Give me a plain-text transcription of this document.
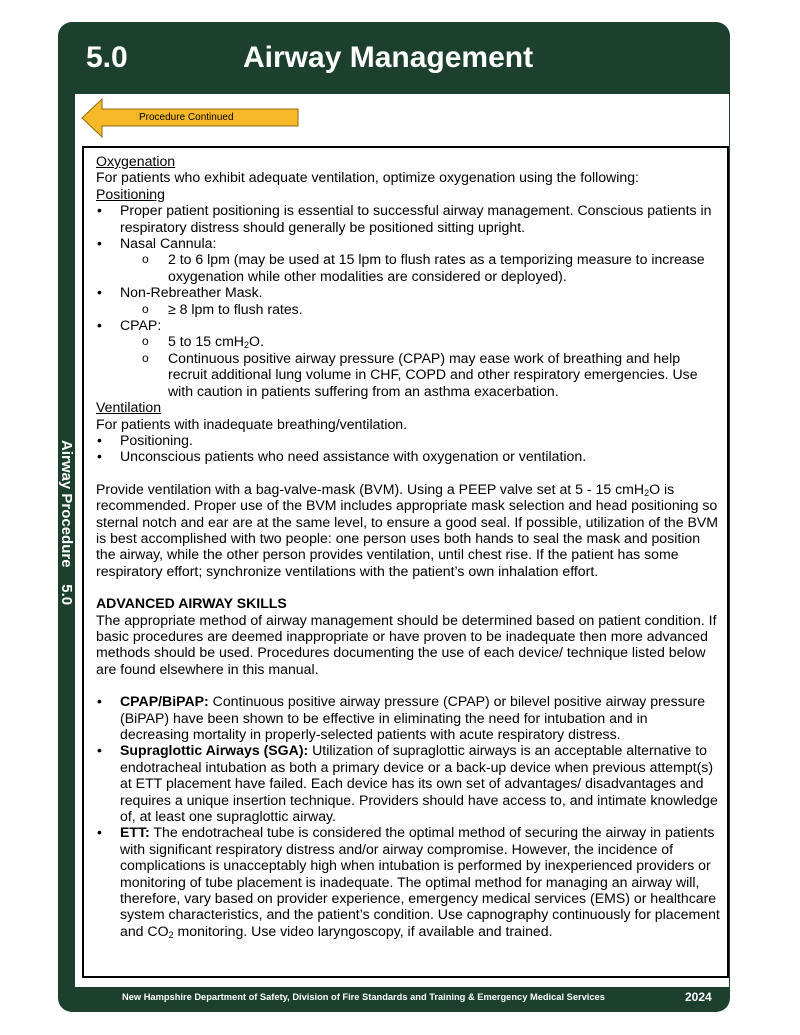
5.0	Airway Management
Airway Procedure    5.0
Procedure Continued

Oxygenation

For patients who exhibit adequate ventilation, optimize oxygenation using the following:

Positioning

• Proper patient positioning is essential to successful airway management. Conscious patients in respiratory distress should generally be positioned sitting upright.
• Nasal Cannula:
o 2 to 6 lpm (may be used at 15 lpm to flush rates as a temporizing measure to increase oxygenation while other modalities are considered or deployed).
• Non-Rebreather Mask.
o ≥ 8 lpm to flush rates.
• CPAP:
o 5 to 15 cmH$_2$O.
o Continuous positive airway pressure (CPAP) may ease work of breathing and help recruit additional lung volume in CHF, COPD and other respiratory emergencies. Use with caution in patients suffering from an asthma exacerbation.

Ventilation

For patients with inadequate breathing/ventilation.

• Positioning.
• Unconscious patients who need assistance with oxygenation or ventilation.

Provide ventilation with a bag-valve-mask (BVM). Using a PEEP valve set at 5 - 15 cmH$_2$O is recommended. Proper use of the BVM includes appropriate mask selection and head positioning so sternal notch and ear are at the same level, to ensure a good seal. If possible, utilization of the BVM is best accomplished with two people: one person uses both hands to seal the mask and position the airway, while the other person provides ventilation, until chest rise. If the patient has some respiratory effort; synchronize ventilations with the patient’s own inhalation effort.

ADVANCED AIRWAY SKILLS

The appropriate method of airway management should be determined based on patient condition. If basic procedures are deemed inappropriate or have proven to be inadequate then more advanced methods should be used. Procedures documenting the use of each device/ technique listed below are found elsewhere in this manual.

• CPAP/BiPAP: Continuous positive airway pressure (CPAP) or bilevel positive airway pressure (BiPAP) have been shown to be effective in eliminating the need for intubation and in decreasing mortality in properly-selected patients with acute respiratory distress.
• Supraglottic Airways (SGA): Utilization of supraglottic airways is an acceptable alternative to endotracheal intubation as both a primary device or a back-up device when previous attempt(s) at ETT placement have failed. Each device has its own set of advantages/ disadvantages and requires a unique insertion technique. Providers should have access to, and intimate knowledge of, at least one supraglottic airway.
• ETT: The endotracheal tube is considered the optimal method of securing the airway in patients with significant respiratory distress and/or airway compromise. However, the incidence of complications is unacceptably high when intubation is performed by inexperienced providers or monitoring of tube placement is inadequate. The optimal method for managing an airway will, therefore, vary based on provider experience, emergency medical services (EMS) or healthcare system characteristics, and the patient’s condition. Use capnography continuously for placement and $CO_2$ monitoring. Use video laryngoscopy, if available and trained.
New Hampshire Department of Safety, Division of Fire Standards and Training & Emergency Medical Services	2024
